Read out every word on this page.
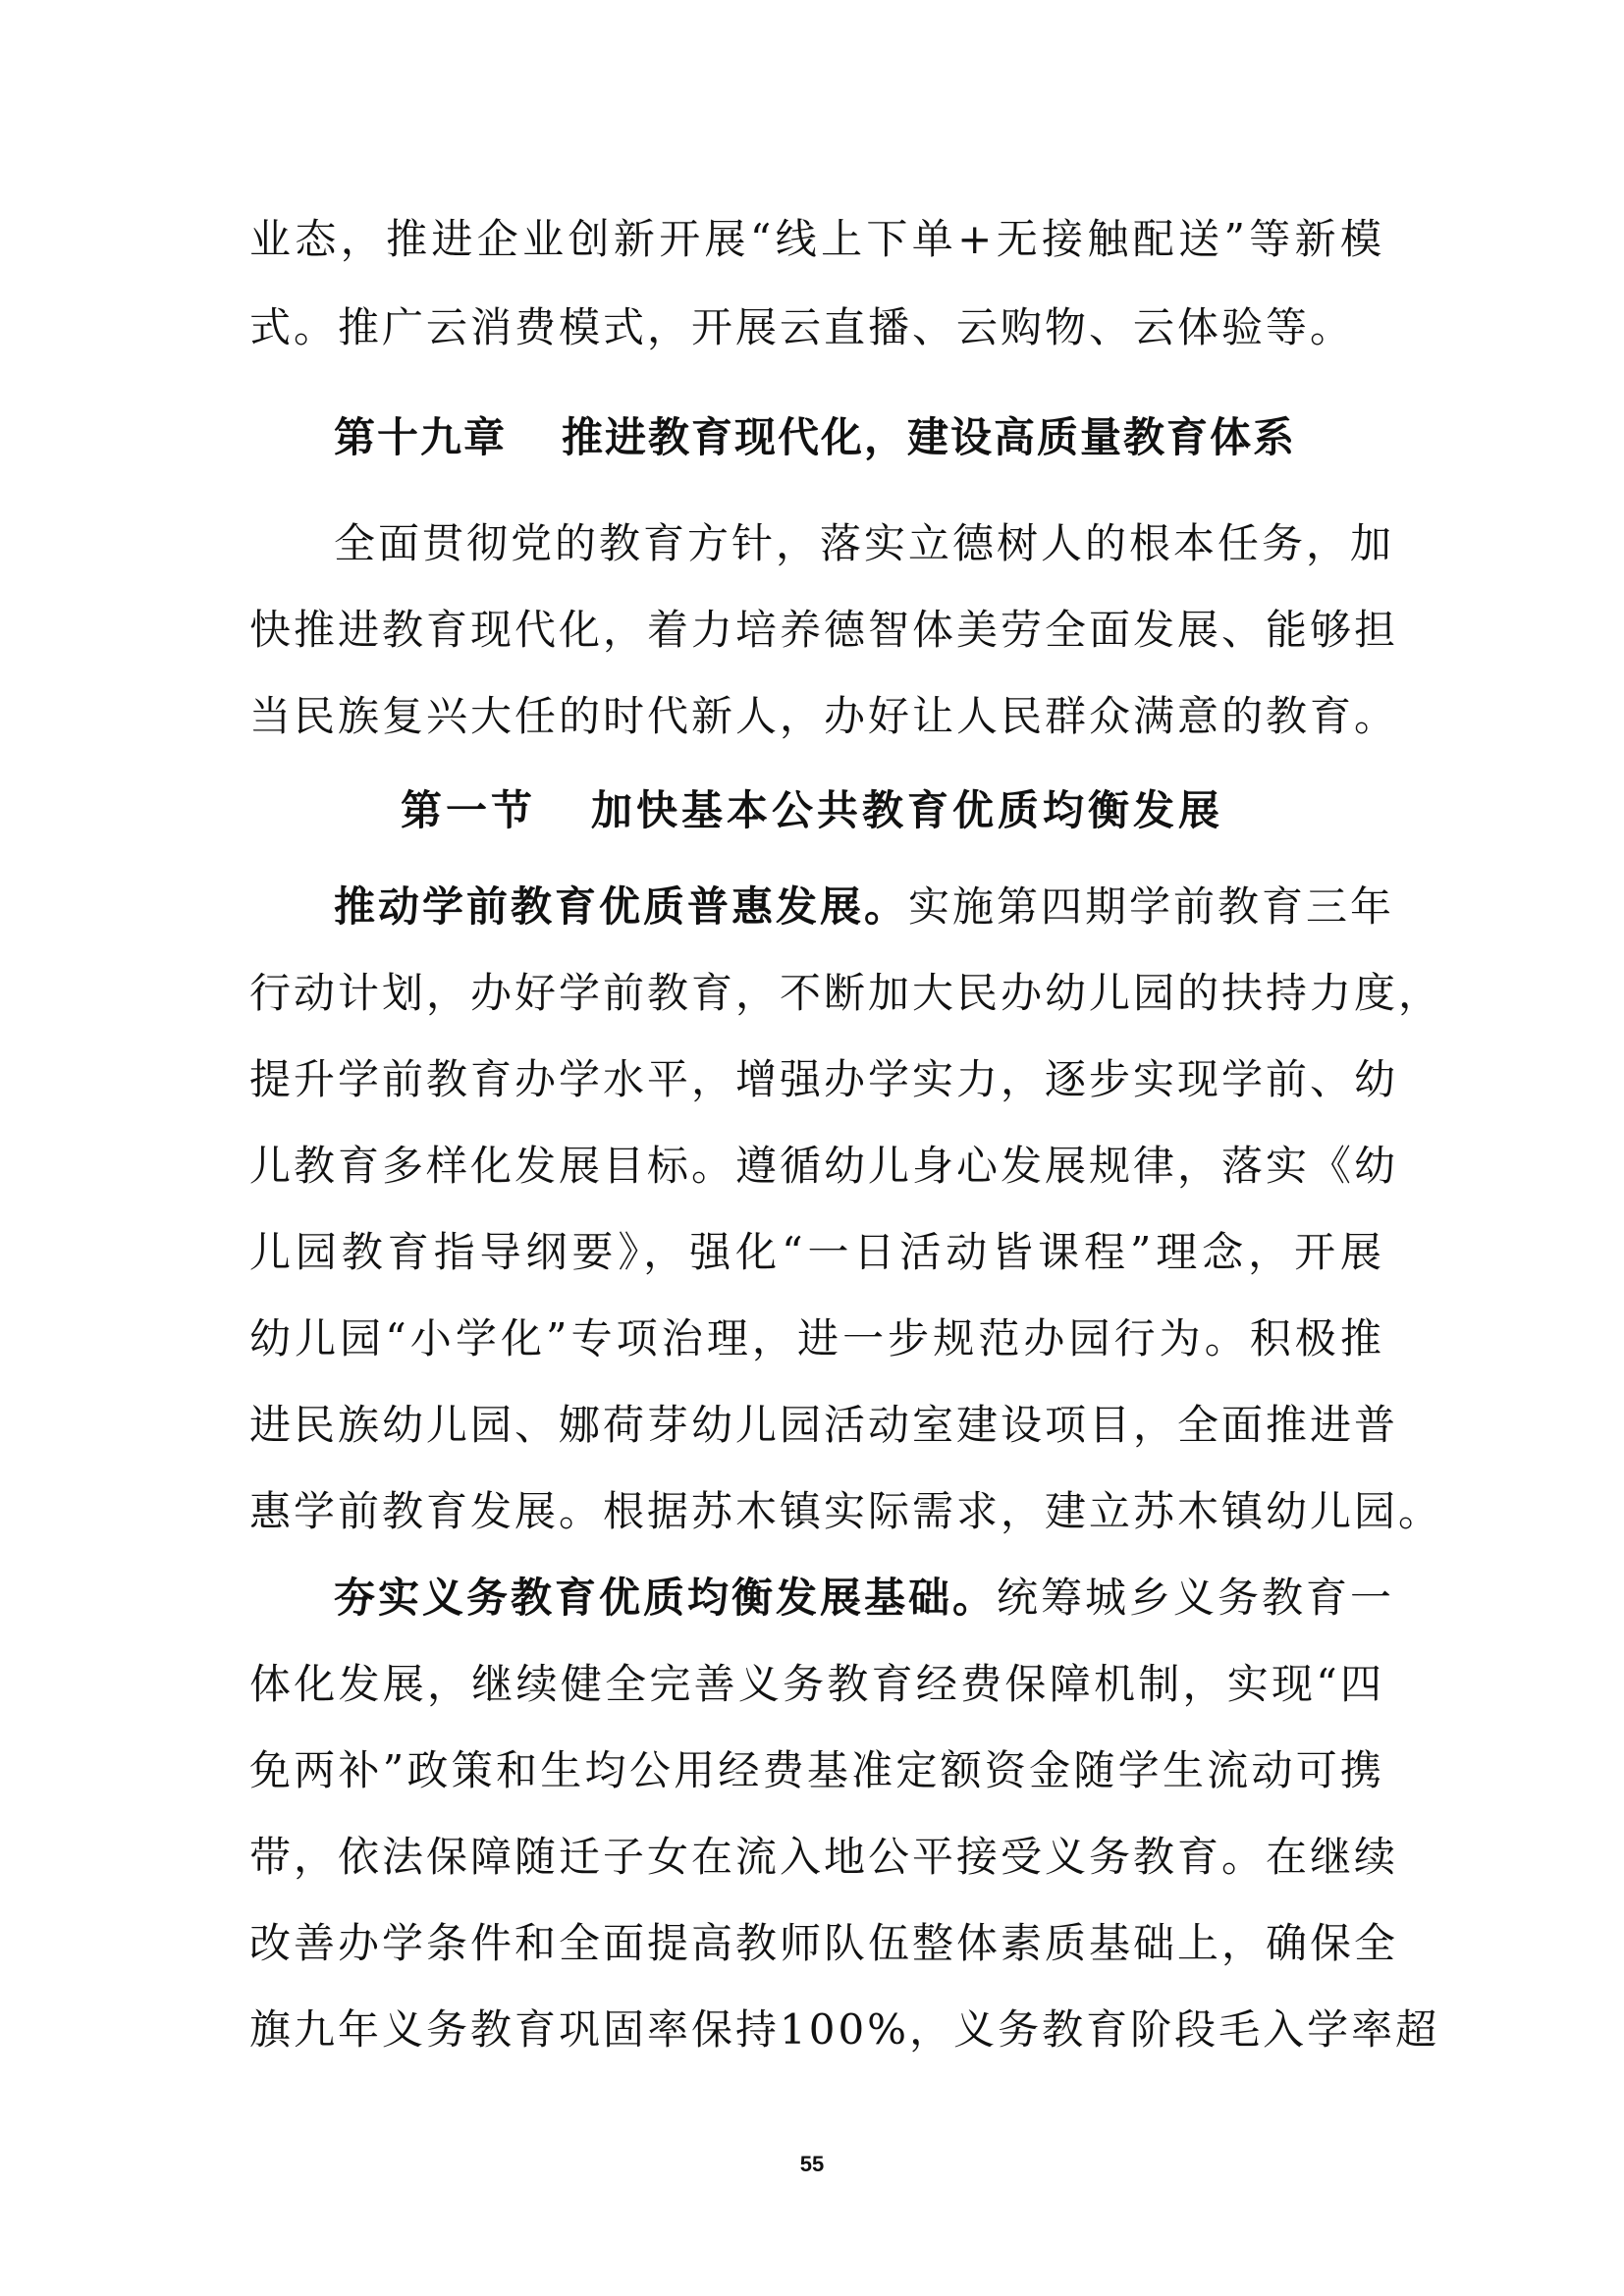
业态，推进企业创新开展“线上下单+无接触配送”等新模
式。推广云消费模式，开展云直播、云购物、云体验等。
第十九章 推进教育现代化，建设高质量教育体系
全面贯彻党的教育方针，落实立德树人的根本任务，加
快推进教育现代化，着力培养德智体美劳全面发展、能够担
当民族复兴大任的时代新人，办好让人民群众满意的教育。
第一节 加快基本公共教育优质均衡发展
推动学前教育优质普惠发展。实施第四期学前教育三年
行动计划，办好学前教育，不断加大民办幼儿园的扶持力度，
提升学前教育办学水平，增强办学实力，逐步实现学前、幼
儿教育多样化发展目标。遵循幼儿身心发展规律，落实《幼
儿园教育指导纲要》，强化“一日活动皆课程”理念，开展
幼儿园“小学化”专项治理，进一步规范办园行为。积极推
进民族幼儿园、娜荷芽幼儿园活动室建设项目，全面推进普
惠学前教育发展。根据苏木镇实际需求，建立苏木镇幼儿园。
夯实义务教育优质均衡发展基础。统筹城乡义务教育一
体化发展，继续健全完善义务教育经费保障机制，实现“四
免两补”政策和生均公用经费基准定额资金随学生流动可携
带，依法保障随迁子女在流入地公平接受义务教育。在继续
改善办学条件和全面提高教师队伍整体素质基础上，确保全
旗九年义务教育巩固率保持100%，义务教育阶段毛入学率超
55
